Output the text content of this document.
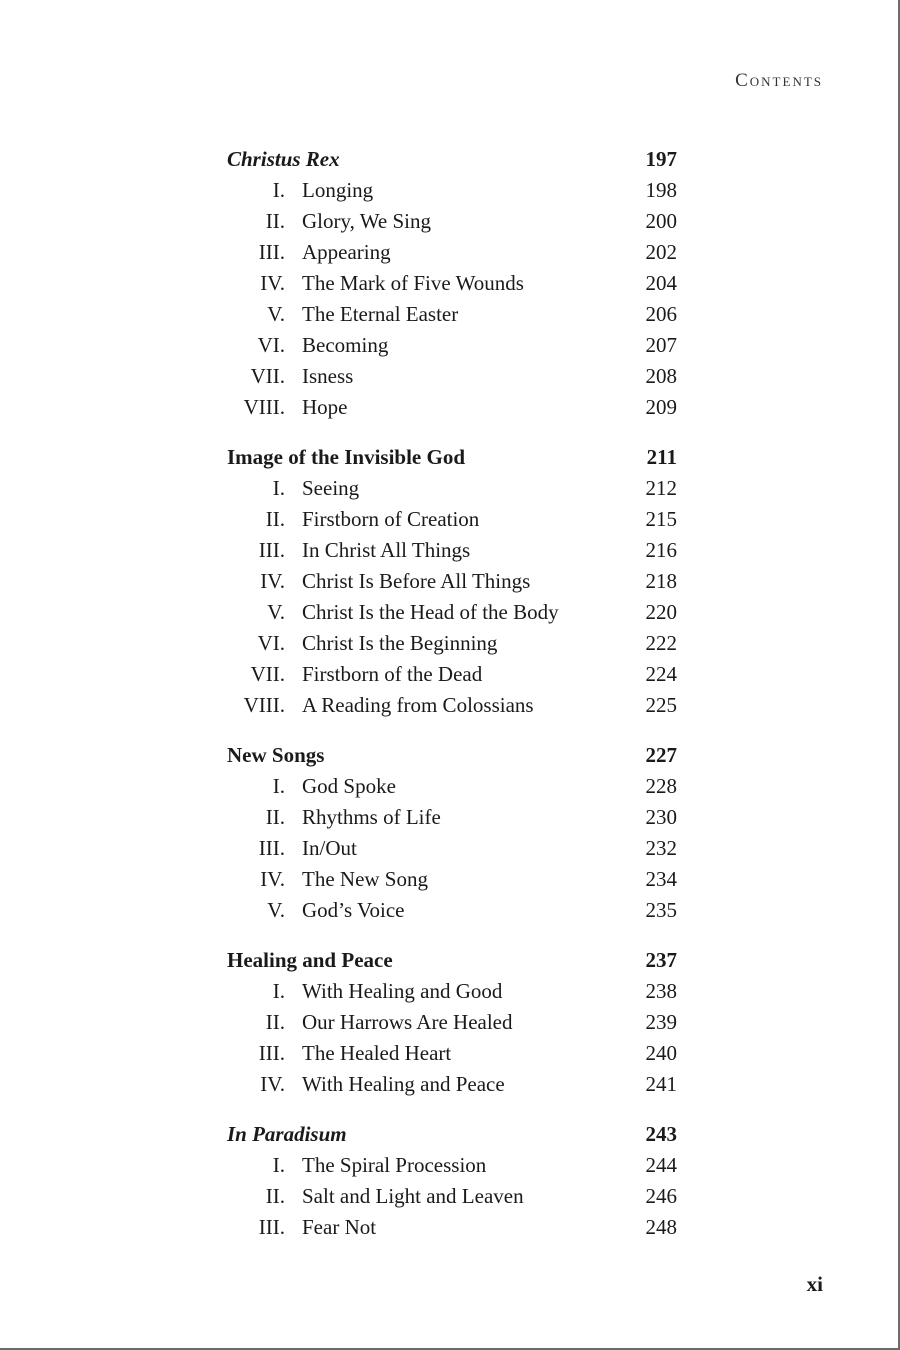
Contents
Christus Rex	197
I. Longing	198
II. Glory, We Sing	200
III. Appearing	202
IV. The Mark of Five Wounds	204
V. The Eternal Easter	206
VI. Becoming	207
VII. Isness	208
VIII. Hope	209
Image of the Invisible God	211
I. Seeing	212
II. Firstborn of Creation	215
III. In Christ All Things	216
IV. Christ Is Before All Things	218
V. Christ Is the Head of the Body	220
VI. Christ Is the Beginning	222
VII. Firstborn of the Dead	224
VIII. A Reading from Colossians	225
New Songs	227
I. God Spoke	228
II. Rhythms of Life	230
III. In/Out	232
IV. The New Song	234
V. God’s Voice	235
Healing and Peace	237
I. With Healing and Good	238
II. Our Harrows Are Healed	239
III. The Healed Heart	240
IV. With Healing and Peace	241
In Paradisum	243
I. The Spiral Procession	244
II. Salt and Light and Leaven	246
III. Fear Not	248
xi
